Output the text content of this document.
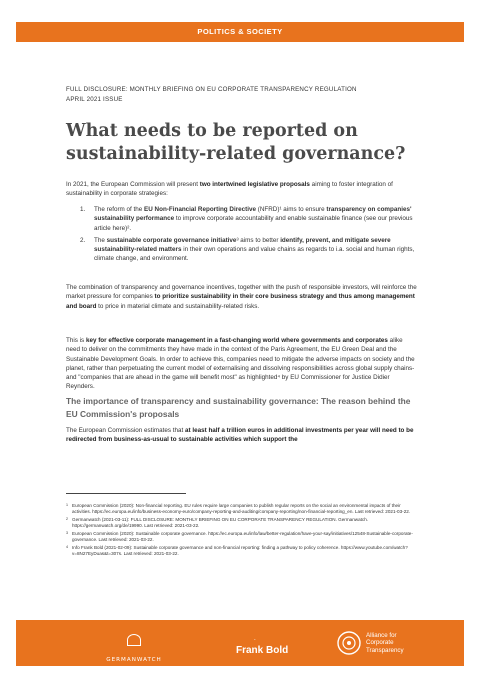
POLITICS & SOCIETY
FULL DISCLOSURE: MONTHLY BRIEFING ON EU CORPORATE TRANSPARENCY REGULATION
APRIL 2021 ISSUE
What needs to be reported on sustainability-related governance?

In 2021, the European Commission will present two intertwined legislative proposals aiming to foster integration of sustainability in corporate strategies:

1. The reform of the EU Non-Financial Reporting Directive (NFRD)¹ aims to ensure transparency on companies' sustainability performance to improve corporate accountability and enable sustainable finance (see our previous article here)².
2. The sustainable corporate governance initiative³ aims to better identify, prevent, and mitigate severe sustainability-related matters in their own operations and value chains as regards to i.a. social and human rights, climate change, and environment.

The combination of transparency and governance incentives, together with the push of responsible investors, will reinforce the market pressure for companies to prioritize sustainability in their core business strategy and thus among management and board to price in material climate and sustainability-related risks.

This is key for effective corporate management in a fast-changing world where governments and corporates alike need to deliver on the commitments they have made in the context of the Paris Agreement, the EU Green Deal and the Sustainable Development Goals. In order to achieve this, companies need to mitigate the adverse impacts on society and the planet, rather than perpetuating the current model of externalising and dissolving responsibilities across global supply chains- and "companies that are ahead in the game will benefit most" as highlighted⁴ by EU Commissioner for Justice Didier Reynders.

The importance of transparency and sustainability governance: The reason behind the EU Commission's proposals

The European Commission estimates that at least half a trillion euros in additional investments per year will need to be redirected from business-as-usual to sustainable activities which support the

1 European Commission (2020): Non-financial reporting. EU rules require large companies to publish regular reports on the social an environmental impacts of their activities. https://ec.europa.eu/info/business-economy-euro/company-reporting-and-auditing/company-reporting/non-financial-reporting_en. Last retrieved: 2021-03-22.
2 Germanwatch (2021-03-11): FULL DISCLOSURE: MONTHLY BRIEFING ON EU CORPORATE TRANSPARENCY REGULATION. Germanwatch. https://germanwatch.org/de/19990. Last retrieved: 2021-03-22.
3 European Commission (2020): Sustainable corporate governance. https://ec.europa.eu/info/law/better-regulation/have-your-say/initiatives/12548-Sustainable-corporate-governance. Last retrieved: 2021-03-22.
4 Info Frank Bold (2021-02-09): Sustainable corporate governance and non-financial reporting: finding a pathway to policy coherence. https://www.youtube.com/watch?v=8N27EyDuas&t=307s. Last retrieved: 2021-03-22.
GERMANWATCH
´
Frank Bold
Alliance for
Corporate
Transparency
